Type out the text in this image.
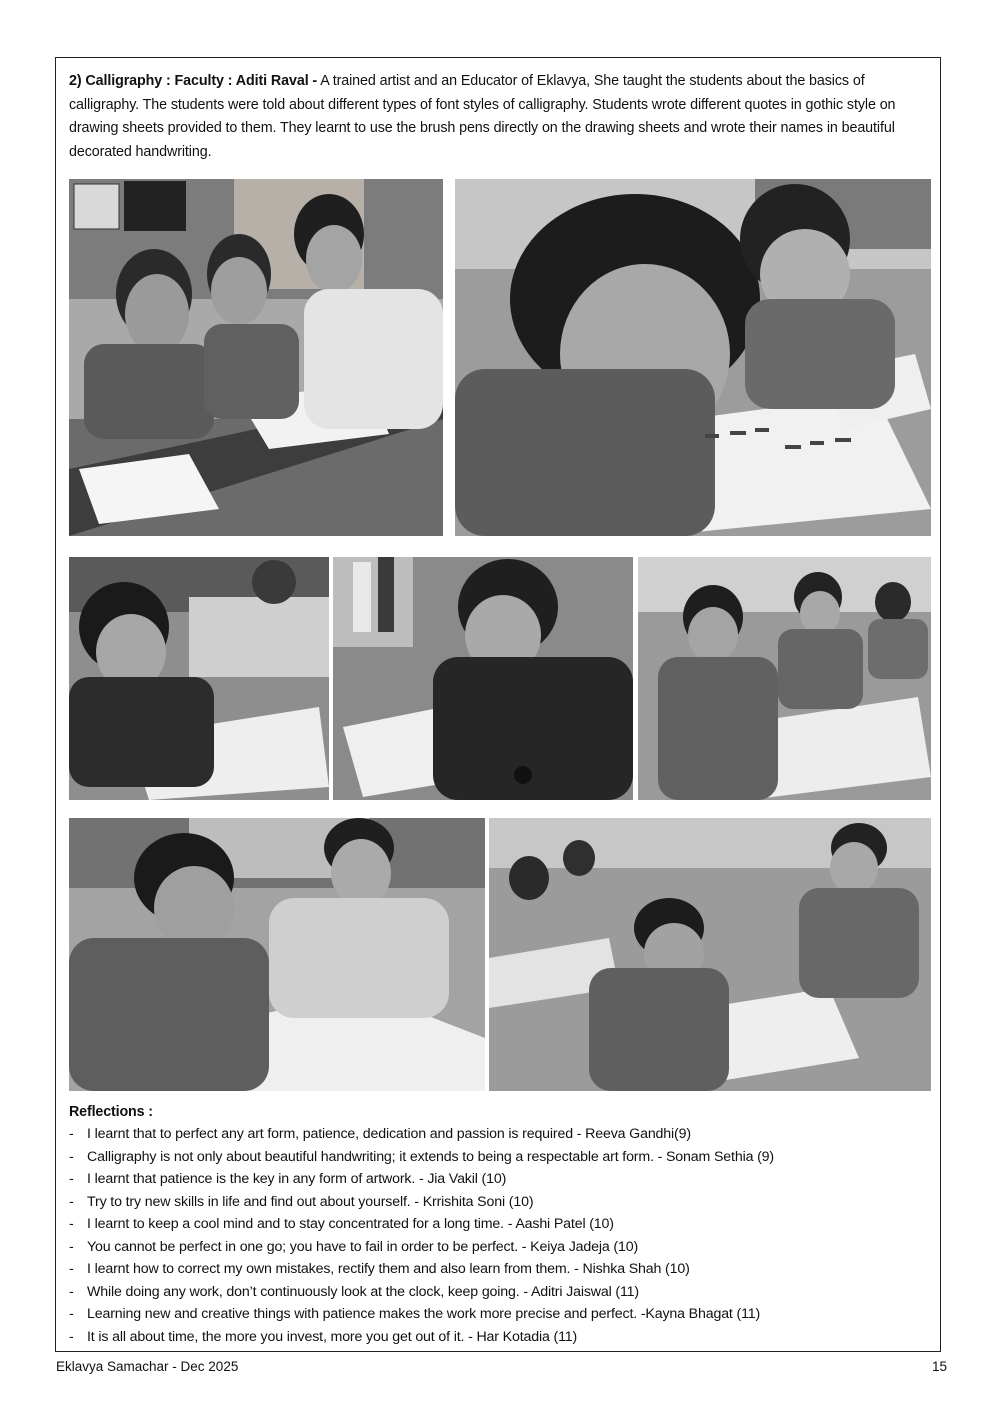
2) Calligraphy : Faculty : Aditi Raval - A trained artist and an Educator of Eklavya, She taught the students about the basics of calligraphy. The students were told about different types of font styles of calligraphy. Students wrote different quotes in gothic style on drawing sheets provided to them. They learnt to use the brush pens directly on the drawing sheets and wrote their names in beautiful decorated handwriting.
Reflections :
- I learnt that to perfect any art form, patience, dedication and passion is required - Reeva Gandhi(9)
- Calligraphy is not only about beautiful handwriting; it extends to being a respectable art form. - Sonam Sethia (9)
- I learnt that patience is the key in any form of artwork. - Jia Vakil (10)
- Try to try new skills in life and find out about yourself. - Krrishita Soni (10)
- I learnt to keep a cool mind and to stay concentrated for a long time. - Aashi Patel (10)
- You cannot be perfect in one go; you have to fail in order to be perfect. - Keiya Jadeja (10)
- I learnt how to correct my own mistakes, rectify them and also learn from them. - Nishka Shah (10)
- While doing any work, don’t continuously look at the clock, keep going. - Aditri Jaiswal (11)
- Learning new and creative things with patience makes the work more precise and perfect. -Kayna Bhagat (11)
- It is all about time, the more you invest, more you get out of it. - Har Kotadia (11)
Eklavya Samachar - Dec 2025	15
